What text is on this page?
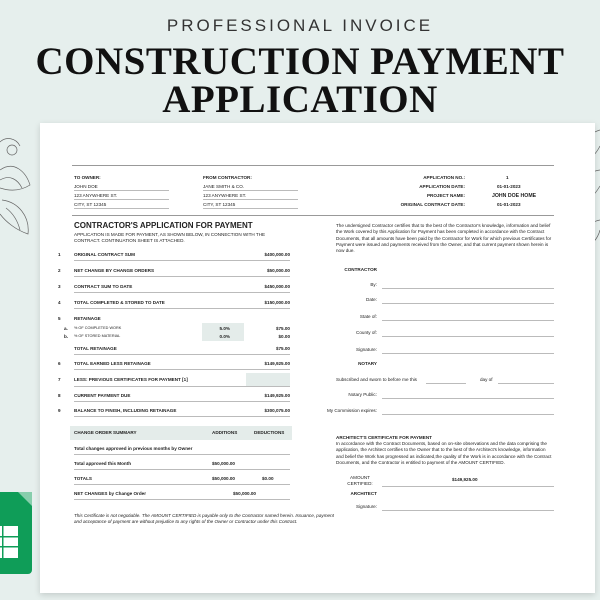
PROFESSIONAL INVOICE
CONSTRUCTION PAYMENT
APPLICATION
TO OWNER:
JOHN DOE
123 ANYWHERE ST.
CITY, ST 12345
FROM CONTRACTOR:
JANE SMITH & CO.
123 ANYWHERE ST.
CITY, ST 12345
APPLICATION NO.:	1
APPLICATION DATE:	01-01-2023
PROJECT NAME:	JOHN DOE HOME
ORIGINAL CONTRACT DATE:	01-01-2023
CONTRACTOR'S APPLICATION FOR PAYMENT
APPLICATION IS MADE FOR PAYMENT, AS SHOWN BELOW, IN CONNECTION WITH THE CONTRACT. CONTINUATION SHEET IS ATTACHED.
1	ORIGINAL CONTRACT SUM	$400,000.00
2	NET CHANGE BY CHANGE ORDERS	$50,000.00
3	CONTRACT SUM TO DATE	$450,000.00
4	TOTAL COMPLETED & STORED TO DATE	$150,000.00
5	RETAINAGE
a. % OF COMPLETED WORK	5.0%	$75.00
b. % OF STORED MATERIAL	0.0%	$0.00
TOTAL RETAINAGE	$75.00
6	TOTAL EARNED LESS RETAINAGE	$149,925.00
7	LESS: PREVIOUS CERTIFICATES FOR PAYMENT [1]
8	CURRENT PAYMENT DUE	$149,925.00
9	BALANCE TO FINISH, INCLUDING RETAINAGE	$300,075.00
CHANGE ORDER SUMMARY	ADDITIONS	DEDUCTIONS
Total changes approved in previous months by Owner
Total approved this Month	$50,000.00
TOTALS	$50,000.00	$0.00
NET CHANGES by Change Order	$50,000.00
This Certificate is not negotiable. The AMOUNT CERTIFIED is payable only to the Contractor named herein. Issuance, payment and acceptance of payment are without prejudice to any rights of the Owner or Contractor under this Contract.
The undersigned Contractor certifies that to the best of the Contractor's knowledge, information and belief the Work covered by this Application for Payment has been completed in accordance with the Contract Documents, that all amounts have been paid by the Contractor for Work for which previous Certificates for Payment were issued and payments received from the Owner, and that current payment shown herein is now due.
CONTRACTOR
By:
Date:
State of:
County of:
Signature:
NOTARY
Subscribed and sworn to before me this	day of
Notary Public:
My Commission expires:
ARCHITECT'S CERTIFICATE FOR PAYMENT
In accordance with the Contract Documents, based on on-site observations and the data comprising the application, the Architect certifies to the Owner that to the best of the Architect's knowledge, information and belief the Work has progressed as indicated,the quality of the Work is in accordance with the Contract Documents, and the Contractor is entitled to payment of the AMOUNT CERTIFIED.
AMOUNT CERTIFIED:
$149,925.00
ARCHITECT
Signature:
